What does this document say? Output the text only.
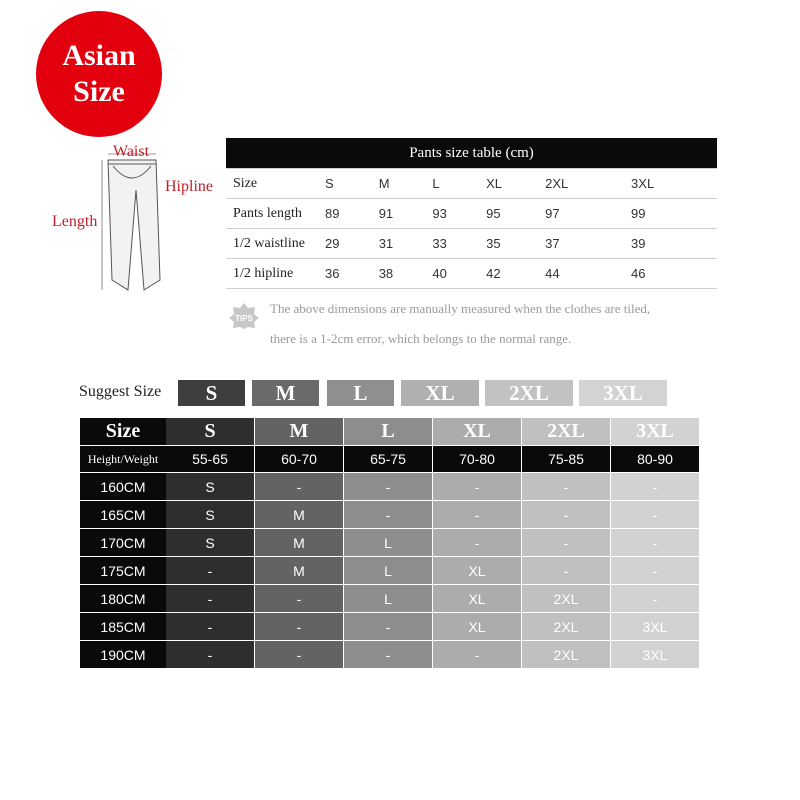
Asian
Size
Waist
Hipline
Length
Pants size table (cm)						
Size	S	M	L	XL	2XL	3XL
Pants length	89	91	93	95	97	99
1/2 waistline	29	31	33	35	37	39
1/2 hipline	36	38	40	42	44	46
TIPS
The above dimensions are manually measured when the clothes are tiled,
there is a 1-2cm error, which belongs to the normal range.
Suggest Size	S	M	L	XL	2XL	3XL
Size	S	M	L	XL	2XL	3XL
Height/Weight	55-65	60-70	65-75	70-80	75-85	80-90
160CM	S	-	-	-	-	-
165CM	S	M	-	-	-	-
170CM	S	M	L	-	-	-
175CM	-	M	L	XL	-	-
180CM	-	-	L	XL	2XL	-
185CM	-	-	-	XL	2XL	3XL
190CM	-	-	-	-	2XL	3XL
